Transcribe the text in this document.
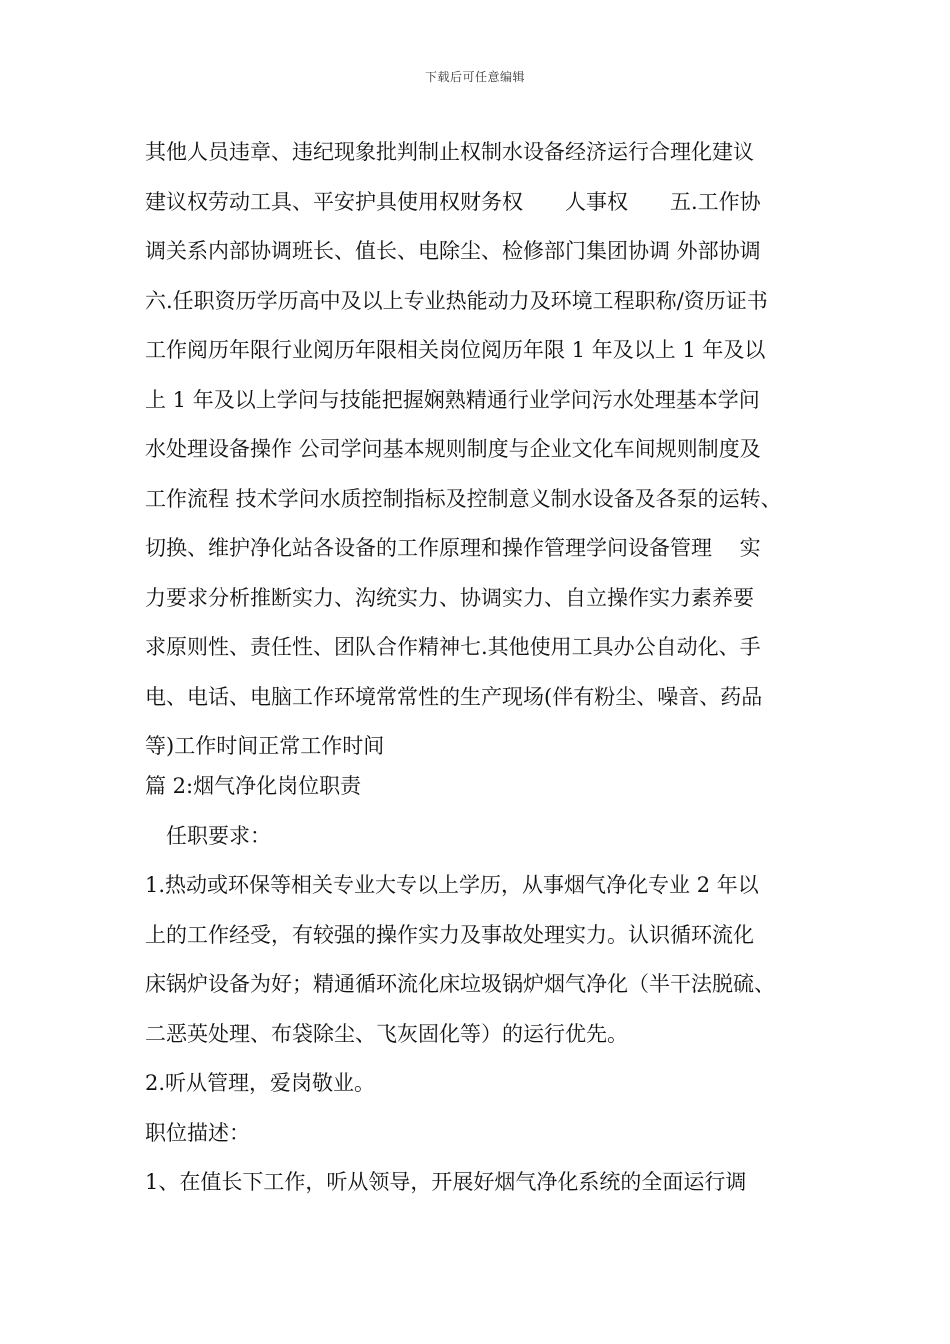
下载后可任意编辑
其他人员违章、违纪现象批判制止权制水设备经济运行合理化建议
建议权劳动工具、平安护具使用权财务权　　人事权　　五.工作协
调关系内部协调班长、值长、电除尘、检修部门集团协调 外部协调
六.任职资历学历高中及以上专业热能动力及环境工程职称/资历证书
工作阅历年限行业阅历年限相关岗位阅历年限 1 年及以上 1 年及以
上 1 年及以上学问与技能把握娴熟精通行业学问污水处理基本学问
水处理设备操作 公司学问基本规则制度与企业文化车间规则制度及
工作流程 技术学问水质控制指标及控制意义制水设备及各泵的运转、
切换、维护净化站各设备的工作原理和操作管理学问设备管理　 实
力要求分析推断实力、沟统实力、协调实力、自立操作实力素养要
求原则性、责任性、团队合作精神七.其他使用工具办公自动化、手
电、电话、电脑工作环境常常性的生产现场(伴有粉尘、噪音、药品
等)工作时间正常工作时间
篇 2:烟气净化岗位职责
　任职要求：
1.热动或环保等相关专业大专以上学历，从事烟气净化专业 2 年以
上的工作经受，有较强的操作实力及事故处理实力。认识循环流化
床锅炉设备为好；精通循环流化床垃圾锅炉烟气净化（半干法脱硫、
二恶英处理、布袋除尘、飞灰固化等）的运行优先。
2.听从管理，爱岗敬业。
职位描述：
1、在值长下工作，听从领导，开展好烟气净化系统的全面运行调
